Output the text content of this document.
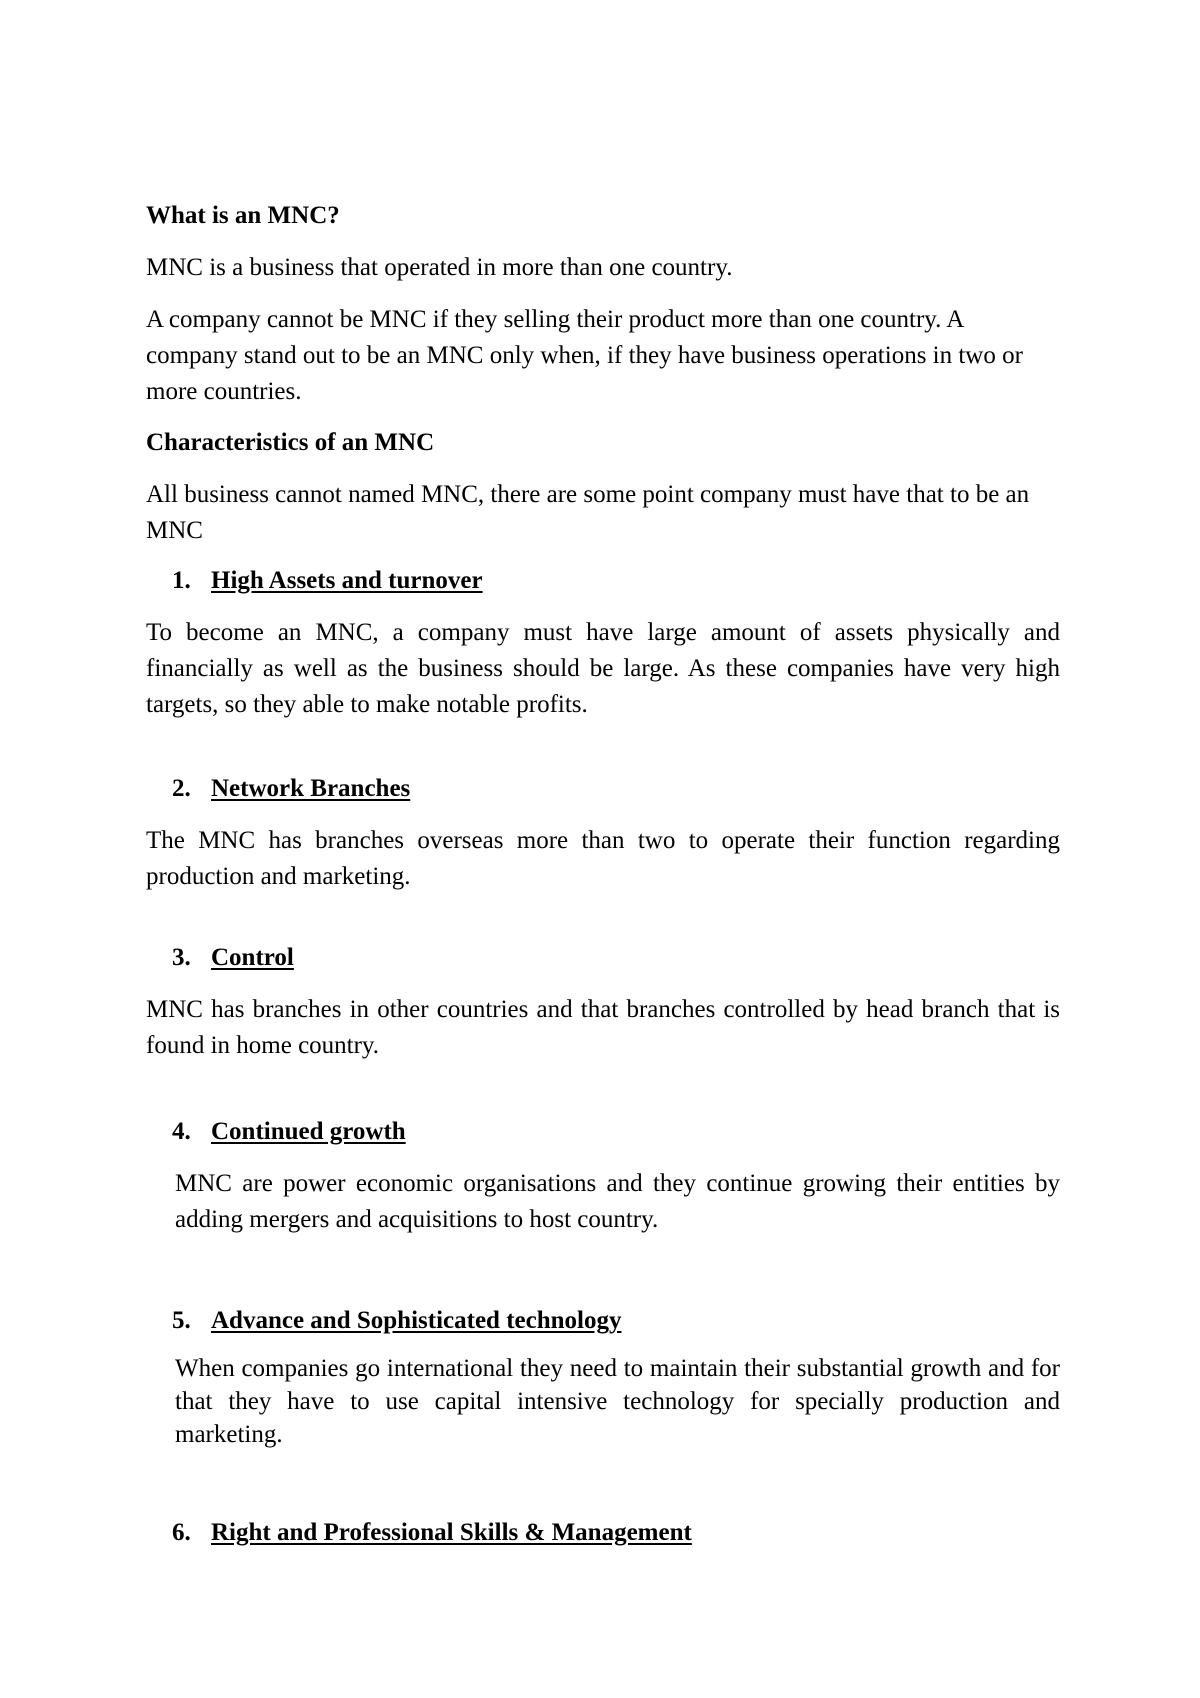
What is an MNC?

MNC is a business that operated in more than one country.

A company cannot be MNC if they selling their product more than one country. A company stand out to be an MNC only when, if they have business operations in two or more countries.

Characteristics of an MNC

All business cannot named MNC, there are some point company must have that to be an MNC

1. High Assets and turnover

To become an MNC, a company must have large amount of assets physically and financially as well as the business should be large. As these companies have very high targets, so they able to make notable profits.

2. Network Branches

The MNC has branches overseas more than two to operate their function regarding production and marketing.

3. Control

MNC has branches in other countries and that branches controlled by head branch that is found in home country.

4. Continued growth

MNC are power economic organisations and they continue growing their entities by adding mergers and acquisitions to host country.

5. Advance and Sophisticated technology

When companies go international they need to maintain their substantial growth and for that they have to use capital intensive technology for specially production and marketing.

6. Right and Professional Skills & Management
